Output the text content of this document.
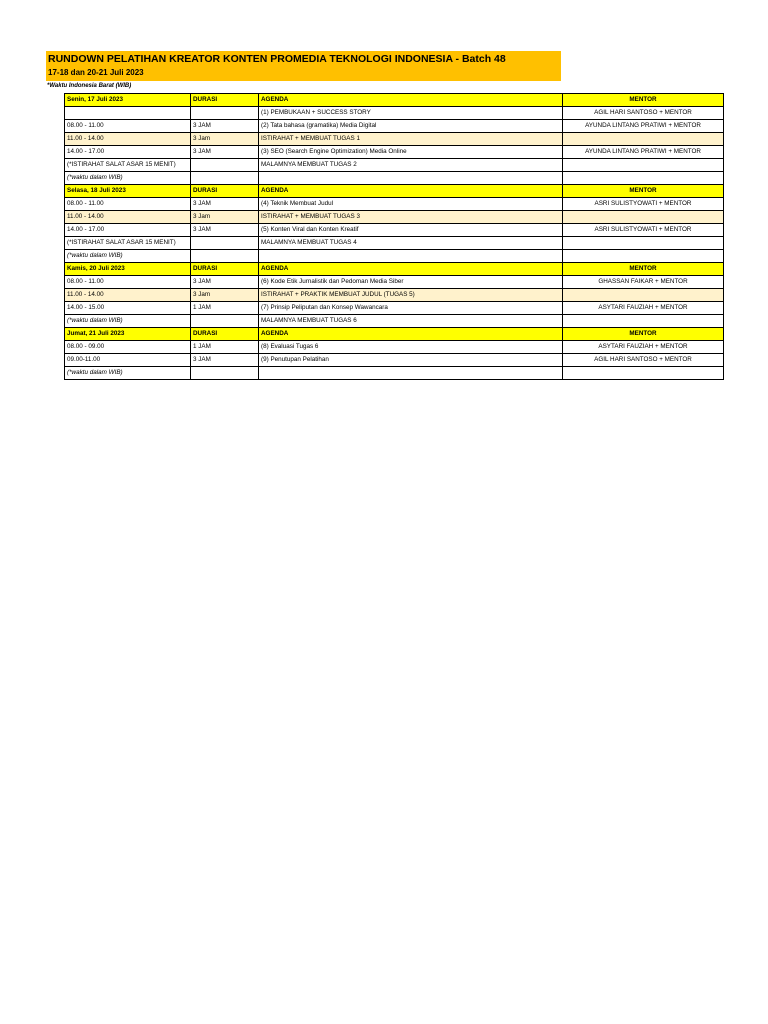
RUNDOWN PELATIHAN KREATOR KONTEN PROMEDIA TEKNOLOGI INDONESIA - Batch 48
17-18 dan 20-21 Juli 2023
*Waktu Indonesia Barat (WIB)
Senin, 17 Juli 2023	DURASI	AGENDA	MENTOR
		(1) PEMBUKAAN + SUCCESS STORY	AGIL HARI SANTOSO + MENTOR
08.00 - 11.00	3 JAM	(2) Tata bahasa (gramatika) Media Digital	AYUNDA LINTANG PRATIWI + MENTOR
11.00 - 14.00	3 Jam	ISTIRAHAT + MEMBUAT TUGAS 1	
14.00 - 17.00	3 JAM	(3) SEO (Search Engine Optimization) Media Online	AYUNDA LINTANG PRATIWI + MENTOR
(*ISTIRAHAT SALAT ASAR 15 MENIT)		MALAMNYA MEMBUAT TUGAS 2	
(*waktu dalam WIB)			
Selasa, 18 Juli 2023	DURASI	AGENDA	MENTOR
08.00 - 11.00	3 JAM	(4) Teknik Membuat Judul	ASRI SULISTYOWATI + MENTOR
11.00 - 14.00	3 Jam	ISTIRAHAT + MEMBUAT TUGAS 3	
14.00 - 17.00	3 JAM	(5) Konten Viral dan Konten Kreatif	ASRI SULISTYOWATI + MENTOR
(*ISTIRAHAT SALAT ASAR 15 MENIT)		MALAMNYA MEMBUAT TUGAS 4	
(*waktu dalam WIB)			
Kamis, 20 Juli 2023	DURASI	AGENDA	MENTOR
08.00 - 11.00	3 JAM	(6) Kode Etik Jurnalistik dan Pedoman Media Siber	GHASSAN FAIKAR + MENTOR
11.00 - 14.00	3 Jam	ISTIRAHAT + PRAKTIK MEMBUAT JUDUL (TUGAS 5)	
14.00 - 15.00	1 JAM	(7) Prinsip Peliputan dan Konsep Wawancara	ASYTARI FAUZIAH + MENTOR
(*waktu dalam WIB)		MALAMNYA MEMBUAT TUGAS 6	
Jumat, 21 Juli 2023	DURASI	AGENDA	MENTOR
08.00 - 09.00	1 JAM	(8) Evaluasi Tugas 6	ASYTARI FAUZIAH + MENTOR
09.00-11.00	3 JAM	(9) Penutupan Pelatihan	AGIL HARI SANTOSO + MENTOR
(*waktu dalam WIB)			
